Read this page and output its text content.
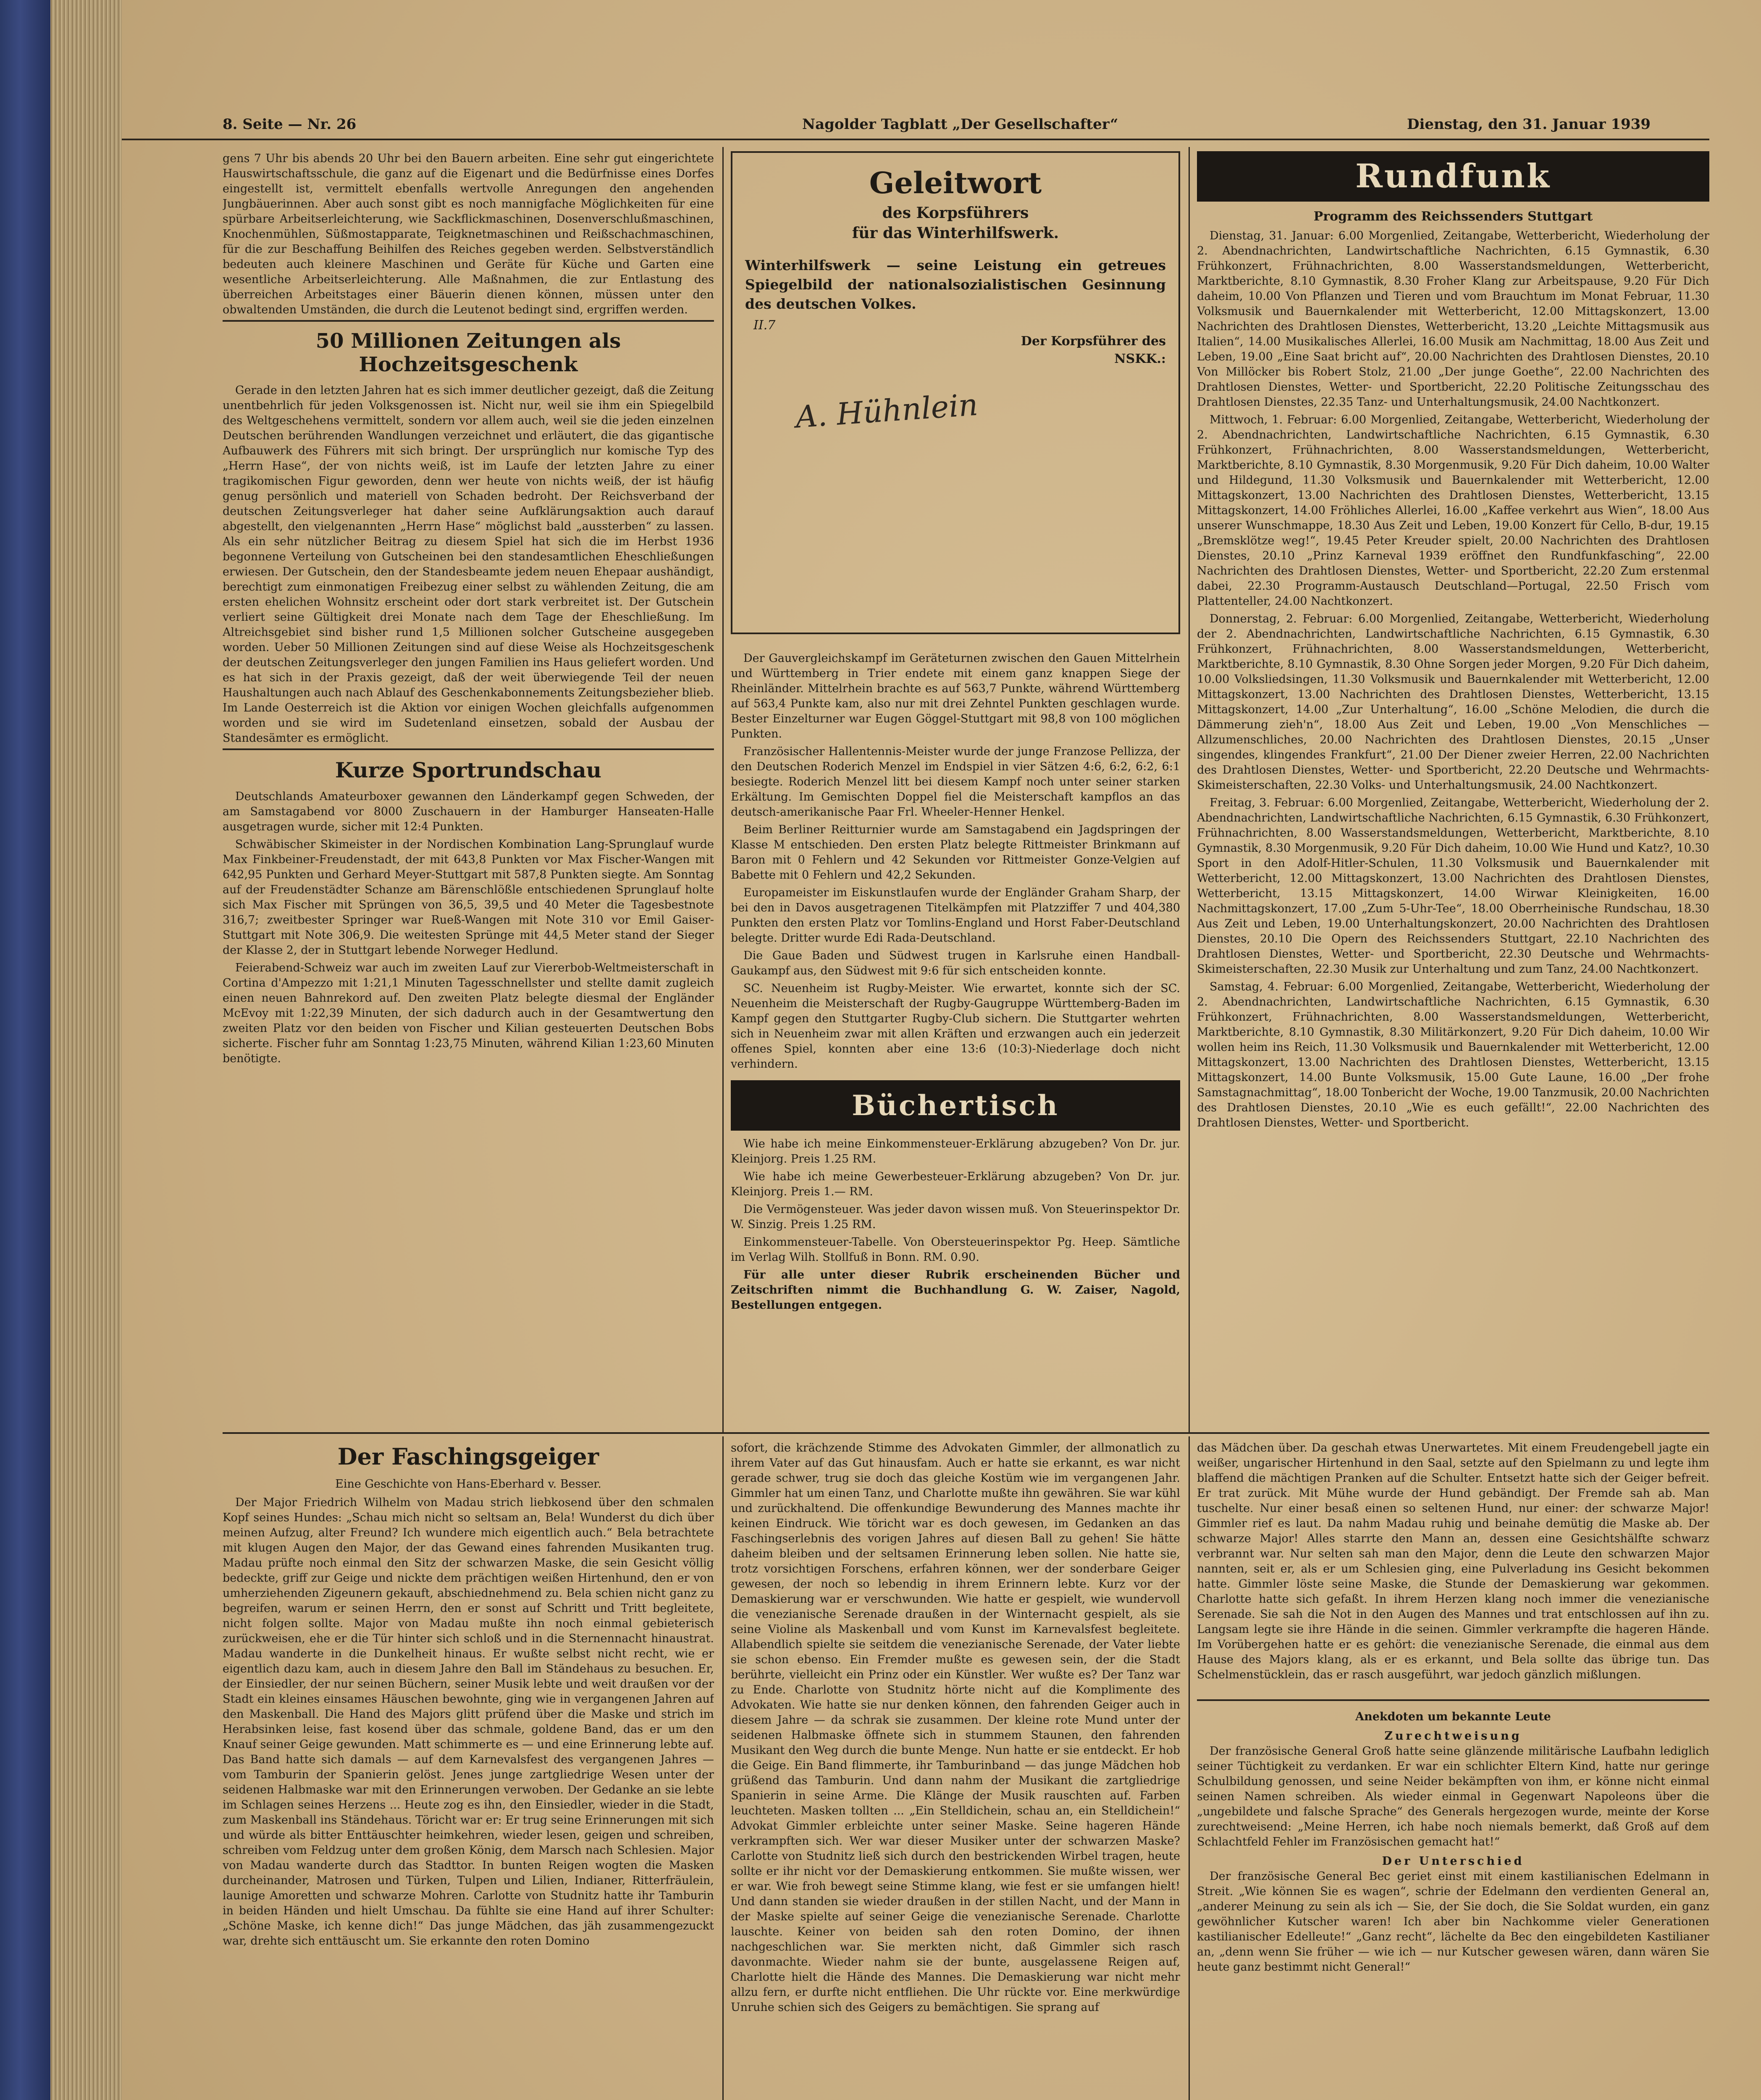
8. Seite — Nr. 26	Nagolder Tagblatt „Der Gesellschafter“	Dienstag, den 31. Januar 1939

gens 7 Uhr bis abends 20 Uhr bei den Bauern arbeiten. Eine sehr gut eingerichtete Hauswirtschaftsschule, die ganz auf die Eigenart und die Bedürfnisse eines Dorfes eingestellt ist, vermittelt ebenfalls wertvolle Anregungen den angehenden Jungbäuerinnen. Aber auch sonst gibt es noch mannigfache Möglichkeiten für eine spürbare Arbeitserleichterung, wie Sackflickmaschinen, Dosenverschlußmaschinen, Knochenmühlen, Süßmostapparate, Teigknetmaschinen und Reißschachmaschinen, für die zur Beschaffung Beihilfen des Reiches gegeben werden. Selbstverständlich bedeuten auch kleinere Maschinen und Geräte für Küche und Garten eine wesentliche Arbeitserleichterung. Alle Maßnahmen, die zur Entlastung des überreichen Arbeitstages einer Bäuerin dienen können, müssen unter den obwaltenden Umständen, die durch die Leutenot bedingt sind, ergriffen werden.

50 Millionen Zeitungen als Hochzeitsgeschenk

Gerade in den letzten Jahren hat es sich immer deutlicher gezeigt, daß die Zeitung unentbehrlich für jeden Volksgenossen ist. Nicht nur, weil sie ihm ein Spiegelbild des Weltgeschehens vermittelt, sondern vor allem auch, weil sie die jeden einzelnen Deutschen berührenden Wandlungen verzeichnet und erläutert, die das gigantische Aufbauwerk des Führers mit sich bringt. Der ursprünglich nur komische Typ des „Herrn Hase“, der von nichts weiß, ist im Laufe der letzten Jahre zu einer tragikomischen Figur geworden, denn wer heute von nichts weiß, der ist häufig genug persönlich und materiell von Schaden bedroht. Der Reichsverband der deutschen Zeitungsverleger hat daher seine Aufklärungsaktion auch darauf abgestellt, den vielgenannten „Herrn Hase“ möglichst bald „aussterben“ zu lassen. Als ein sehr nützlicher Beitrag zu diesem Spiel hat sich die im Herbst 1936 begonnene Verteilung von Gutscheinen bei den standesamtlichen Eheschließungen erwiesen. Der Gutschein, den der Standesbeamte jedem neuen Ehepaar aushändigt, berechtigt zum einmonatigen Freibezug einer selbst zu wählenden Zeitung, die am ersten ehelichen Wohnsitz erscheint oder dort stark verbreitet ist. Der Gutschein verliert seine Gültigkeit drei Monate nach dem Tage der Eheschließung. Im Altreichsgebiet sind bisher rund 1,5 Millionen solcher Gutscheine ausgegeben worden. Ueber 50 Millionen Zeitungen sind auf diese Weise als Hochzeitsgeschenk der deutschen Zeitungsverleger den jungen Familien ins Haus geliefert worden. Und es hat sich in der Praxis gezeigt, daß der weit überwiegende Teil der neuen Haushaltungen auch nach Ablauf des Geschenkabonnements Zeitungsbezieher blieb. Im Lande Oesterreich ist die Aktion vor einigen Wochen gleichfalls aufgenommen worden und sie wird im Sudetenland einsetzen, sobald der Ausbau der Standesämter es ermöglicht.

Kurze Sportrundschau

Deutschlands Amateurboxer gewannen den Länderkampf gegen Schweden, der am Samstagabend vor 8000 Zuschauern in der Hamburger Hanseaten-Halle ausgetragen wurde, sicher mit 12:4 Punkten.

Schwäbischer Skimeister in der Nordischen Kombination Lang-Sprunglauf wurde Max Finkbeiner-Freudenstadt, der mit 643,8 Punkten vor Max Fischer-Wangen mit 642,95 Punkten und Gerhard Meyer-Stuttgart mit 587,8 Punkten siegte. Am Sonntag auf der Freudenstädter Schanze am Bärenschlößle entschiedenen Sprunglauf holte sich Max Fischer mit Sprüngen von 36,5, 39,5 und 40 Meter die Tagesbestnote 316,7; zweitbester Springer war Rueß-Wangen mit Note 310 vor Emil Gaiser-Stuttgart mit Note 306,9. Die weitesten Sprünge mit 44,5 Meter stand der Sieger der Klasse 2, der in Stuttgart lebende Norweger Hedlund.

Feierabend-Schweiz war auch im zweiten Lauf zur Viererbob-Weltmeisterschaft in Cortina d'Ampezzo mit 1:21,1 Minuten Tagesschnellster und stellte damit zugleich einen neuen Bahnrekord auf. Den zweiten Platz belegte diesmal der Engländer McEvoy mit 1:22,39 Minuten, der sich dadurch auch in der Gesamtwertung den zweiten Platz vor den beiden von Fischer und Kilian gesteuerten Deutschen Bobs sicherte. Fischer fuhr am Sonntag 1:23,75 Minuten, während Kilian 1:23,60 Minuten benötigte.

Geleitwort
des Korpsführers
für das Winterhilfswerk.

Winterhilfswerk — seine Leistung ein getreues Spiegelbild der nationalsozialistischen Gesinnung des deutschen Volkes.

II.7
Der Korpsführer des NSKK.:
A. Hühnlein

Der Gauvergleichskampf im Geräteturnen zwischen den Gauen Mittelrhein und Württemberg in Trier endete mit einem ganz knappen Siege der Rheinländer. Mittelrhein brachte es auf 563,7 Punkte, während Württemberg auf 563,4 Punkte kam, also nur mit drei Zehntel Punkten geschlagen wurde. Bester Einzelturner war Eugen Göggel-Stuttgart mit 98,8 von 100 möglichen Punkten.

Französischer Hallentennis-Meister wurde der junge Franzose Pellizza, der den Deutschen Roderich Menzel im Endspiel in vier Sätzen 4:6, 6:2, 6:2, 6:1 besiegte. Roderich Menzel litt bei diesem Kampf noch unter seiner starken Erkältung. Im Gemischten Doppel fiel die Meisterschaft kampflos an das deutsch-amerikanische Paar Frl. Wheeler-Henner Henkel.

Beim Berliner Reitturnier wurde am Samstagabend ein Jagdspringen der Klasse M entschieden. Den ersten Platz belegte Rittmeister Brinkmann auf Baron mit 0 Fehlern und 42 Sekunden vor Rittmeister Gonze-Velgien auf Babette mit 0 Fehlern und 42,2 Sekunden.

Europameister im Eiskunstlaufen wurde der Engländer Graham Sharp, der bei den in Davos ausgetragenen Titelkämpfen mit Platzziffer 7 und 404,380 Punkten den ersten Platz vor Tomlins-England und Horst Faber-Deutschland belegte. Dritter wurde Edi Rada-Deutschland.

Die Gaue Baden und Südwest trugen in Karlsruhe einen Handball-Gaukampf aus, den Südwest mit 9:6 für sich entscheiden konnte.

SC. Neuenheim ist Rugby-Meister. Wie erwartet, konnte sich der SC. Neuenheim die Meisterschaft der Rugby-Gaugruppe Württemberg-Baden im Kampf gegen den Stuttgarter Rugby-Club sichern. Die Stuttgarter wehrten sich in Neuenheim zwar mit allen Kräften und erzwangen auch ein jederzeit offenes Spiel, konnten aber eine 13:6 (10:3)-Niederlage doch nicht verhindern.

Büchertisch

Wie habe ich meine Einkommensteuer-Erklärung abzugeben? Von Dr. jur. Kleinjorg. Preis 1.25 RM.

Wie habe ich meine Gewerbesteuer-Erklärung abzugeben? Von Dr. jur. Kleinjorg. Preis 1.— RM.

Die Vermögensteuer. Was jeder davon wissen muß. Von Steuerinspektor Dr. W. Sinzig. Preis 1.25 RM.

Einkommensteuer-Tabelle. Von Obersteuerinspektor Pg. Heep. Sämtliche im Verlag Wilh. Stollfuß in Bonn. RM. 0.90.

Für alle unter dieser Rubrik erscheinenden Bücher und Zeitschriften nimmt die Buchhandlung G. W. Zaiser, Nagold, Bestellungen entgegen.

Rundfunk
Programm des Reichssenders Stuttgart

Dienstag, 31. Januar: 6.00 Morgenlied, Zeitangabe, Wetterbericht, Wiederholung der 2. Abendnachrichten, Landwirtschaftliche Nachrichten, 6.15 Gymnastik, 6.30 Frühkonzert, Frühnachrichten, 8.00 Wasserstandsmeldungen, Wetterbericht, Marktberichte, 8.10 Gymnastik, 8.30 Froher Klang zur Arbeitspause, 9.20 Für Dich daheim, 10.00 Von Pflanzen und Tieren und vom Brauchtum im Monat Februar, 11.30 Volksmusik und Bauernkalender mit Wetterbericht, 12.00 Mittagskonzert, 13.00 Nachrichten des Drahtlosen Dienstes, Wetterbericht, 13.20 „Leichte Mittagsmusik aus Italien“, 14.00 Musikalisches Allerlei, 16.00 Musik am Nachmittag, 18.00 Aus Zeit und Leben, 19.00 „Eine Saat bricht auf“, 20.00 Nachrichten des Drahtlosen Dienstes, 20.10 Von Millöcker bis Robert Stolz, 21.00 „Der junge Goethe“, 22.00 Nachrichten des Drahtlosen Dienstes, Wetter- und Sportbericht, 22.20 Politische Zeitungsschau des Drahtlosen Dienstes, 22.35 Tanz- und Unterhaltungsmusik, 24.00 Nachtkonzert.

Mittwoch, 1. Februar: 6.00 Morgenlied, Zeitangabe, Wetterbericht, Wiederholung der 2. Abendnachrichten, Landwirtschaftliche Nachrichten, 6.15 Gymnastik, 6.30 Frühkonzert, Frühnachrichten, 8.00 Wasserstandsmeldungen, Wetterbericht, Marktberichte, 8.10 Gymnastik, 8.30 Morgenmusik, 9.20 Für Dich daheim, 10.00 Walter und Hildegund, 11.30 Volksmusik und Bauernkalender mit Wetterbericht, 12.00 Mittagskonzert, 13.00 Nachrichten des Drahtlosen Dienstes, Wetterbericht, 13.15 Mittagskonzert, 14.00 Fröhliches Allerlei, 16.00 „Kaffee verkehrt aus Wien“, 18.00 Aus unserer Wunschmappe, 18.30 Aus Zeit und Leben, 19.00 Konzert für Cello, B-dur, 19.15 „Bremsklötze weg!“, 19.45 Peter Kreuder spielt, 20.00 Nachrichten des Drahtlosen Dienstes, 20.10 „Prinz Karneval 1939 eröffnet den Rundfunkfasching“, 22.00 Nachrichten des Drahtlosen Dienstes, Wetter- und Sportbericht, 22.20 Zum erstenmal dabei, 22.30 Programm-Austausch Deutschland—Portugal, 22.50 Frisch vom Plattenteller, 24.00 Nachtkonzert.

Donnerstag, 2. Februar: 6.00 Morgenlied, Zeitangabe, Wetterbericht, Wiederholung der 2. Abendnachrichten, Landwirtschaftliche Nachrichten, 6.15 Gymnastik, 6.30 Frühkonzert, Frühnachrichten, 8.00 Wasserstandsmeldungen, Wetterbericht, Marktberichte, 8.10 Gymnastik, 8.30 Ohne Sorgen jeder Morgen, 9.20 Für Dich daheim, 10.00 Volksliedsingen, 11.30 Volksmusik und Bauernkalender mit Wetterbericht, 12.00 Mittagskonzert, 13.00 Nachrichten des Drahtlosen Dienstes, Wetterbericht, 13.15 Mittagskonzert, 14.00 „Zur Unterhaltung“, 16.00 „Schöne Melodien, die durch die Dämmerung zieh'n“, 18.00 Aus Zeit und Leben, 19.00 „Von Menschliches — Allzumenschliches, 20.00 Nachrichten des Drahtlosen Dienstes, 20.15 „Unser singendes, klingendes Frankfurt“, 21.00 Der Diener zweier Herren, 22.00 Nachrichten des Drahtlosen Dienstes, Wetter- und Sportbericht, 22.20 Deutsche und Wehrmachts-Skimeisterschaften, 22.30 Volks- und Unterhaltungsmusik, 24.00 Nachtkonzert.

Freitag, 3. Februar: 6.00 Morgenlied, Zeitangabe, Wetterbericht, Wiederholung der 2. Abendnachrichten, Landwirtschaftliche Nachrichten, 6.15 Gymnastik, 6.30 Frühkonzert, Frühnachrichten, 8.00 Wasserstandsmeldungen, Wetterbericht, Marktberichte, 8.10 Gymnastik, 8.30 Morgenmusik, 9.20 Für Dich daheim, 10.00 Wie Hund und Katz?, 10.30 Sport in den Adolf-Hitler-Schulen, 11.30 Volksmusik und Bauernkalender mit Wetterbericht, 12.00 Mittagskonzert, 13.00 Nachrichten des Drahtlosen Dienstes, Wetterbericht, 13.15 Mittagskonzert, 14.00 Wirwar Kleinigkeiten, 16.00 Nachmittagskonzert, 17.00 „Zum 5-Uhr-Tee“, 18.00 Oberrheinische Rundschau, 18.30 Aus Zeit und Leben, 19.00 Unterhaltungskonzert, 20.00 Nachrichten des Drahtlosen Dienstes, 20.10 Die Opern des Reichssenders Stuttgart, 22.10 Nachrichten des Drahtlosen Dienstes, Wetter- und Sportbericht, 22.30 Deutsche und Wehrmachts-Skimeisterschaften, 22.30 Musik zur Unterhaltung und zum Tanz, 24.00 Nachtkonzert.

Samstag, 4. Februar: 6.00 Morgenlied, Zeitangabe, Wetterbericht, Wiederholung der 2. Abendnachrichten, Landwirtschaftliche Nachrichten, 6.15 Gymnastik, 6.30 Frühkonzert, Frühnachrichten, 8.00 Wasserstandsmeldungen, Wetterbericht, Marktberichte, 8.10 Gymnastik, 8.30 Militärkonzert, 9.20 Für Dich daheim, 10.00 Wir wollen heim ins Reich, 11.30 Volksmusik und Bauernkalender mit Wetterbericht, 12.00 Mittagskonzert, 13.00 Nachrichten des Drahtlosen Dienstes, Wetterbericht, 13.15 Mittagskonzert, 14.00 Bunte Volksmusik, 15.00 Gute Laune, 16.00 „Der frohe Samstagnachmittag“, 18.00 Tonbericht der Woche, 19.00 Tanzmusik, 20.00 Nachrichten des Drahtlosen Dienstes, 20.10 „Wie es euch gefällt!“, 22.00 Nachrichten des Drahtlosen Dienstes, Wetter- und Sportbericht.

Der Faschingsgeiger
Eine Geschichte von Hans-Eberhard v. Besser.

Der Major Friedrich Wilhelm von Madau strich liebkosend über den schmalen Kopf seines Hundes: „Schau mich nicht so seltsam an, Bela! Wunderst du dich über meinen Aufzug, alter Freund? Ich wundere mich eigentlich auch.“ Bela betrachtete mit klugen Augen den Major, der das Gewand eines fahrenden Musikanten trug. Madau prüfte noch einmal den Sitz der schwarzen Maske, die sein Gesicht völlig bedeckte, griff zur Geige und nickte dem prächtigen weißen Hirtenhund, den er von umherziehenden Zigeunern gekauft, abschiednehmend zu. Bela schien nicht ganz zu begreifen, warum er seinen Herrn, den er sonst auf Schritt und Tritt begleitete, nicht folgen sollte. Major von Madau mußte ihn noch einmal gebieterisch zurückweisen, ehe er die Tür hinter sich schloß und in die Sternennacht hinaustrat. Madau wanderte in die Dunkelheit hinaus. Er wußte selbst nicht recht, wie er eigentlich dazu kam, auch in diesem Jahre den Ball im Ständehaus zu besuchen. Er, der Einsiedler, der nur seinen Büchern, seiner Musik lebte und weit draußen vor der Stadt ein kleines einsames Häuschen bewohnte, ging wie in vergangenen Jahren auf den Maskenball. Die Hand des Majors glitt prüfend über die Maske und strich im Herabsinken leise, fast kosend über das schmale, goldene Band, das er um den Knauf seiner Geige gewunden. Matt schimmerte es — und eine Erinnerung lebte auf. Das Band hatte sich damals — auf dem Karnevalsfest des vergangenen Jahres — vom Tamburin der Spanierin gelöst. Jenes junge zartgliedrige Wesen unter der seidenen Halbmaske war mit den Erinnerungen verwoben. Der Gedanke an sie lebte im Schlagen seines Herzens ... Heute zog es ihn, den Einsiedler, wieder in die Stadt, zum Maskenball ins Ständehaus. Töricht war er: Er trug seine Erinnerungen mit sich und würde als bitter Enttäuschter heimkehren, wieder lesen, geigen und schreiben, schreiben vom Feldzug unter dem großen König, dem Marsch nach Schlesien. Major von Madau wanderte durch das Stadttor. In bunten Reigen wogten die Masken durcheinander, Matrosen und Türken, Tulpen und Lilien, Indianer, Ritterfräulein, launige Amoretten und schwarze Mohren. Carlotte von Studnitz hatte ihr Tamburin in beiden Händen und hielt Umschau. Da fühlte sie eine Hand auf ihrer Schulter: „Schöne Maske, ich kenne dich!“ Das junge Mädchen, das jäh zusammengezuckt war, drehte sich enttäuscht um. Sie erkannte den roten Domino

sofort, die krächzende Stimme des Advokaten Gimmler, der allmonatlich zu ihrem Vater auf das Gut hinausfam. Auch er hatte sie erkannt, es war nicht gerade schwer, trug sie doch das gleiche Kostüm wie im vergangenen Jahr. Gimmler hat um einen Tanz, und Charlotte mußte ihn gewähren. Sie war kühl und zurückhaltend. Die offenkundige Bewunderung des Mannes machte ihr keinen Eindruck. Wie töricht war es doch gewesen, im Gedanken an das Faschingserlebnis des vorigen Jahres auf diesen Ball zu gehen! Sie hätte daheim bleiben und der seltsamen Erinnerung leben sollen. Nie hatte sie, trotz vorsichtigen Forschens, erfahren können, wer der sonderbare Geiger gewesen, der noch so lebendig in ihrem Erinnern lebte. Kurz vor der Demaskierung war er verschwunden. Wie hatte er gespielt, wie wundervoll die venezianische Serenade draußen in der Winternacht gespielt, als sie seine Violine als Maskenball und vom Kunst im Karnevalsfest begleitete. Allabendlich spielte sie seitdem die venezianische Serenade, der Vater liebte sie schon ebenso. Ein Fremder mußte es gewesen sein, der die Stadt berührte, vielleicht ein Prinz oder ein Künstler. Wer wußte es? Der Tanz war zu Ende. Charlotte von Studnitz hörte nicht auf die Komplimente des Advokaten. Wie hatte sie nur denken können, den fahrenden Geiger auch in diesem Jahre — da schrak sie zusammen. Der kleine rote Mund unter der seidenen Halbmaske öffnete sich in stummem Staunen, den fahrenden Musikant den Weg durch die bunte Menge. Nun hatte er sie entdeckt. Er hob die Geige. Ein Band flimmerte, ihr Tamburinband — das junge Mädchen hob grüßend das Tamburin. Und dann nahm der Musikant die zartgliedrige Spanierin in seine Arme. Die Klänge der Musik rauschten auf. Farben leuchteten. Masken tollten ... „Ein Stelldichein, schau an, ein Stelldichein!“ Advokat Gimmler erbleichte unter seiner Maske. Seine hageren Hände verkrampften sich. Wer war dieser Musiker unter der schwarzen Maske? Carlotte von Studnitz ließ sich durch den bestrickenden Wirbel tragen, heute sollte er ihr nicht vor der Demaskierung entkommen. Sie mußte wissen, wer er war. Wie froh bewegt seine Stimme klang, wie fest er sie umfangen hielt! Und dann standen sie wieder draußen in der stillen Nacht, und der Mann in der Maske spielte auf seiner Geige die venezianische Serenade. Charlotte lauschte. Keiner von beiden sah den roten Domino, der ihnen nachgeschlichen war. Sie merkten nicht, daß Gimmler sich rasch davonmachte. Wieder nahm sie der bunte, ausgelassene Reigen auf, Charlotte hielt die Hände des Mannes. Die Demaskierung war nicht mehr allzu fern, er durfte nicht entfliehen. Die Uhr rückte vor. Eine merkwürdige Unruhe schien sich des Geigers zu bemächtigen. Sie sprang auf

das Mädchen über. Da geschah etwas Unerwartetes. Mit einem Freudengebell jagte ein weißer, ungarischer Hirtenhund in den Saal, setzte auf den Spielmann zu und legte ihm blaffend die mächtigen Pranken auf die Schulter. Entsetzt hatte sich der Geiger befreit. Er trat zurück. Mit Mühe wurde der Hund gebändigt. Der Fremde sah ab. Man tuschelte. Nur einer besaß einen so seltenen Hund, nur einer: der schwarze Major! Gimmler rief es laut. Da nahm Madau ruhig und beinahe demütig die Maske ab. Der schwarze Major! Alles starrte den Mann an, dessen eine Gesichtshälfte schwarz verbrannt war. Nur selten sah man den Major, denn die Leute den schwarzen Major nannten, seit er, als er um Schlesien ging, eine Pulverladung ins Gesicht bekommen hatte. Gimmler löste seine Maske, die Stunde der Demaskierung war gekommen. Charlotte hatte sich gefaßt. In ihrem Herzen klang noch immer die venezianische Serenade. Sie sah die Not in den Augen des Mannes und trat entschlossen auf ihn zu. Langsam legte sie ihre Hände in die seinen. Gimmler verkrampfte die hageren Hände. Im Vorübergehen hatte er es gehört: die venezianische Serenade, die einmal aus dem Hause des Majors klang, als er es erkannt, und Bela sollte das übrige tun. Das Schelmenstücklein, das er rasch ausgeführt, war jedoch gänzlich mißlungen.

Anekdoten um bekannte Leute
Zurechtweisung

Der französische General Groß hatte seine glänzende militärische Laufbahn lediglich seiner Tüchtigkeit zu verdanken. Er war ein schlichter Eltern Kind, hatte nur geringe Schulbildung genossen, und seine Neider bekämpften von ihm, er könne nicht einmal seinen Namen schreiben. Als wieder einmal in Gegenwart Napoleons über die „ungebildete und falsche Sprache“ des Generals hergezogen wurde, meinte der Korse zurechtweisend: „Meine Herren, ich habe noch niemals bemerkt, daß Groß auf dem Schlachtfeld Fehler im Französischen gemacht hat!“

Der Unterschied

Der französische General Bec geriet einst mit einem kastilianischen Edelmann in Streit. „Wie können Sie es wagen“, schrie der Edelmann den verdienten General an, „anderer Meinung zu sein als ich — Sie, der Sie doch, die Sie Soldat wurden, ein ganz gewöhnlicher Kutscher waren! Ich aber bin Nachkomme vieler Generationen kastilianischer Edelleute!“ „Ganz recht“, lächelte da Bec den eingebildeten Kastilianer an, „denn wenn Sie früher — wie ich — nur Kutscher gewesen wären, dann wären Sie heute ganz bestimmt nicht General!“
